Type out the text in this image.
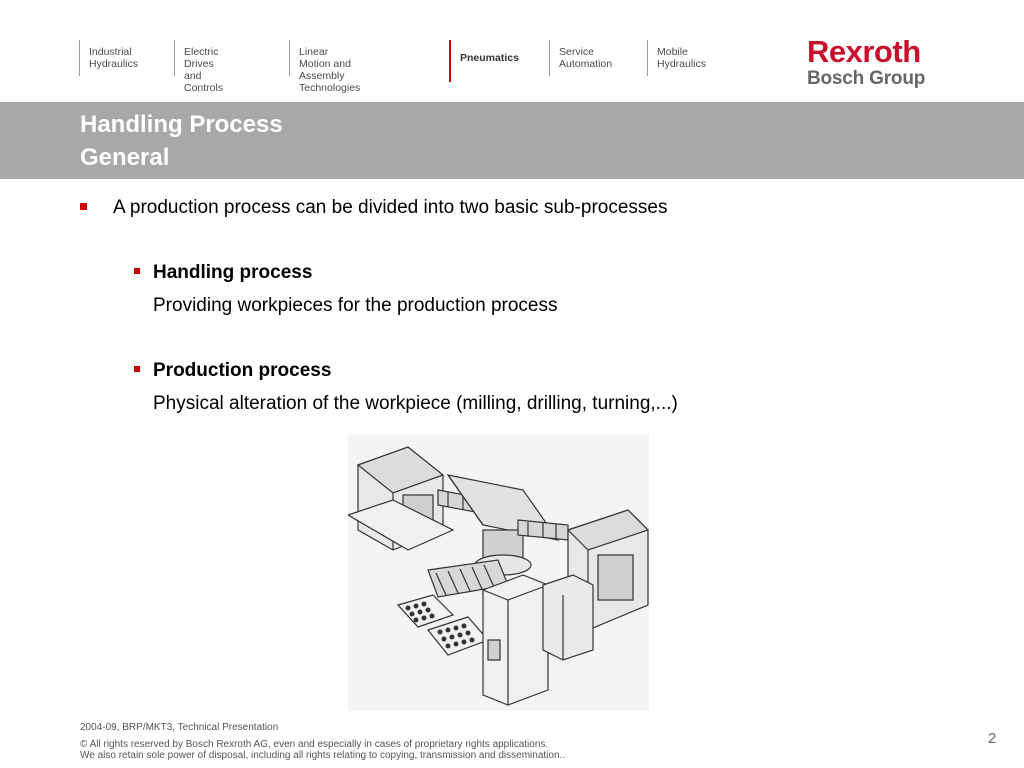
Industrial
Hydraulics
Electric Drives
and Controls
Linear Motion and
Assembly Technologies
Pneumatics	Service
Automation
Mobile
Hydraulics	Rexroth
Bosch Group
Handling Process
General
A production process can be divided into two basic sub-processes
Handling process
Providing workpieces for the production process
Production process
Physical alteration of the workpiece (milling, drilling, turning,...)
2004-09, BRP/MKT3, Technical Presentation
© All rights reserved by Bosch Rexroth AG, even and especially in cases of proprietary rights applications.
We also retain sole power of disposal, including all rights relating to copying, transmission and dissemination..
2
